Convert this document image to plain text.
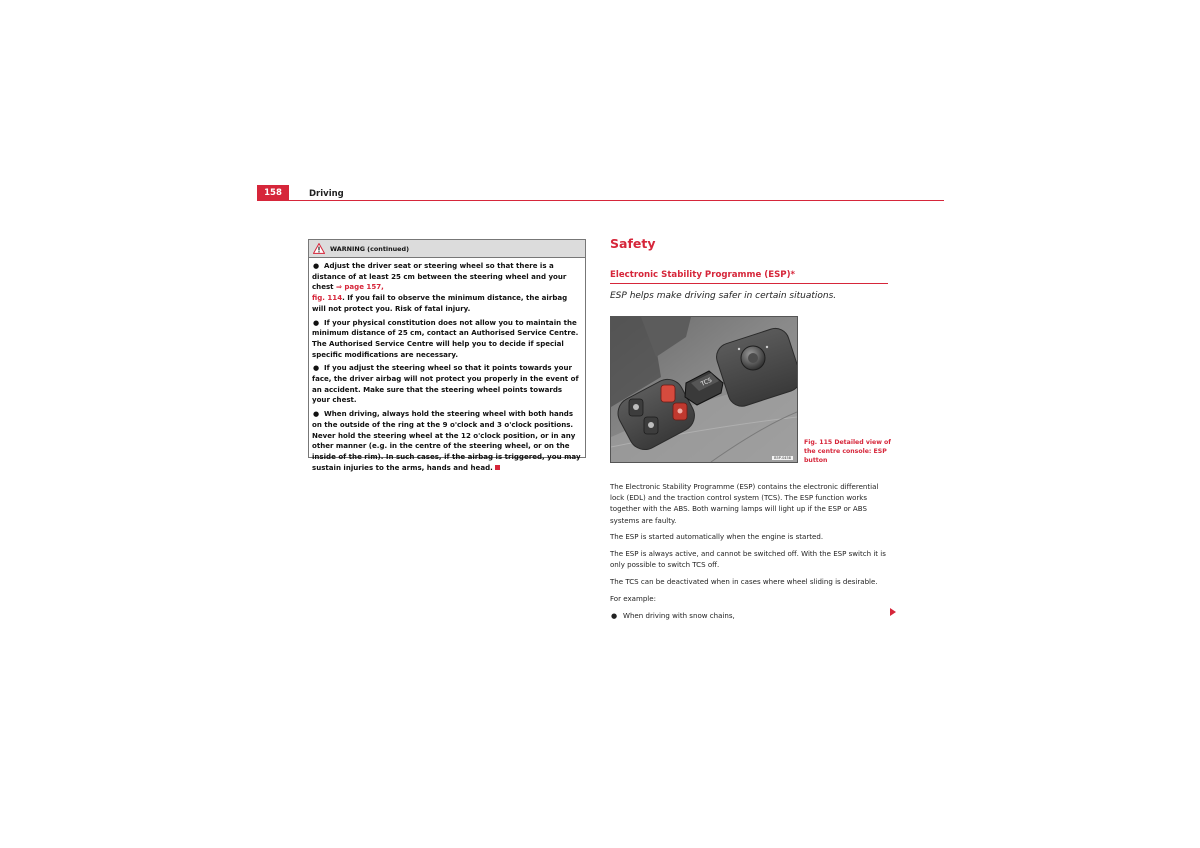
158	Driving
WARNING (continued)
● Adjust the driver seat or steering wheel so that there is a distance of at least 25 cm between the steering wheel and your chest ⇒ page 157,
fig. 114. If you fail to observe the minimum distance, the airbag will not protect you. Risk of fatal injury.
● If your physical constitution does not allow you to maintain the minimum distance of 25 cm, contact an Authorised Service Centre. The Authorised Service Centre will help you to decide if special specific modifications are necessary.
● If you adjust the steering wheel so that it points towards your face, the driver airbag will not protect you properly in the event of an accident. Make sure that the steering wheel points towards your chest.
● When driving, always hold the steering wheel with both hands on the outside of the ring at the 9 o'clock and 3 o'clock positions. Never hold the steering wheel at the 12 o'clock position, or in any other manner (e.g. in the centre of the steering wheel, or on the inside of the rim). In such cases, if the airbag is triggered, you may sustain injuries to the arms, hands and head.
Safety
Electronic Stability Programme (ESP)*
ESP helps make driving safer in certain situations.
TCS
B5P-0458
Fig. 115 Detailed view of the centre console: ESP button

The Electronic Stability Programme (ESP) contains the electronic differential lock (EDL) and the traction control system (TCS). The ESP function works together with the ABS. Both warning lamps will light up if the ESP or ABS systems are faulty.

The ESP is started automatically when the engine is started.

The ESP is always active, and cannot be switched off. With the ESP switch it is only possible to switch TCS off.

The TCS can be deactivated when in cases where wheel sliding is desirable.

For example:

● When driving with snow chains,
